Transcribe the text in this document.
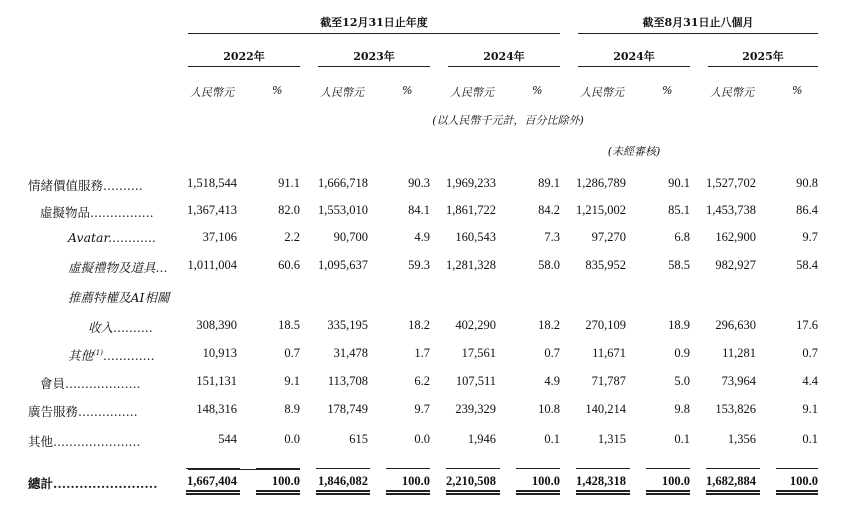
截至12月31日止年度	截至8月31日止八個月
2022年	2023年	2024年	2024年	2025年
人民幣元	%	人民幣元	%	人民幣元	%	人民幣元	%	人民幣元	%
(以人民幣千元計，百分比除外)
(未經審核)
情緒價值服務..........	1,518,544	91.1 1,666,718	90.3 1,969,233	89.1 1,286,789	90.1 1,527,702	90.8
虛擬物品................	1,367,413	82.0 1,553,010	84.1 1,861,722	84.2 1,215,002	85.1 1,453,738	86.4
Avatar............	37,106	2.2	90,700	4.9 160,543	7.3	97,270	6.8 162,900	9.7
虛擬禮物及道具... 1,011,004	60.6 1,095,637	59.3 1,281,328	58.0 835,952	58.5 982,927	58.4
推薦特權及AI相關
收入..........	308,390	18.5 335,195	18.2 402,290	18.2 270,109	18.9 296,630	17.6
其他$^{(1)}$.............	10,913	0.7	31,478	1.7	17,561	0.7	11,671	0.9	11,281	0.7
會員...................	151,131	9.1 113,708	6.2 107,511	4.9	71,787	5.0	73,964	4.4
廣告服務...............	148,316	8.9 178,749	9.7 239,329	10.8 140,214	9.8 153,826	9.1
其他......................	544	0.0	615	0.0	1,946	0.1	1,315	0.1	1,356	0.1
總計........................ 1,667,404	100.0 1,846,082	100.0 2,210,508	100.0 1,428,318	100.0 1,682,884	100.0
